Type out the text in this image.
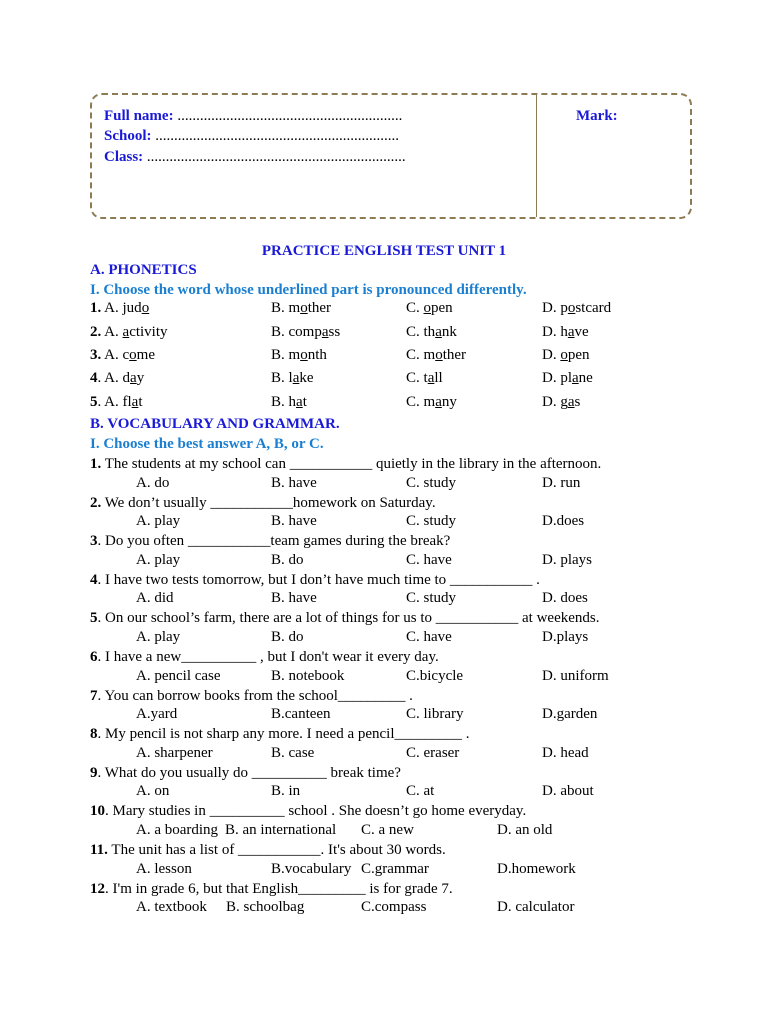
Full name: ............................................................
School: .................................................................
Class: .....................................................................
Mark:
PRACTICE ENGLISH TEST UNIT 1
A. PHONETICS
I. Choose the word whose underlined part is pronounced differently.
1. A. judo	B. mother	C. open	D. postcard
2. A. activity	B. compass	C. thank	D. have
3. A. come	B. month	C. mother	D. open
4. A. day	B. lake	C. tall	D. plane
5. A. flat	B. hat	C. many	D. gas
B. VOCABULARY AND GRAMMAR.
I. Choose the best answer A, B, or C.
1. The students at my school can ___________ quietly in the library in the afternoon.
A. do	B. have	C. study	D. run
2. We don’t usually ___________homework on Saturday.
A. play	B. have	C. study	D.does
3. Do you often ___________team games during the break?
A. play	B. do	C. have	D. plays
4. I have two tests tomorrow, but I don’t have much time to ___________ .
A. did	B. have	C. study	D. does
5. On our school’s farm, there are a lot of things for us to ___________ at weekends.
A. play	B. do	C. have	D.plays
6. I have a new__________ , but I don't wear it every day.
A. pencil case	B. notebook	C.bicycle	D. uniform
7. You can borrow books from the school_________ .
A.yard	B.canteen	C. library	D.garden
8. My pencil is not sharp any more. I need a pencil_________ .
A. sharpener	B. case	C. eraser	D. head
9. What do you usually do __________ break time?
A. on	B. in	C. at	D. about
10. Mary studies in __________ school . She doesn’t go home everyday.
A. a boarding B. an international C. a new	D. an old
11. The unit has a list of ___________. It's about 30 words.
A. lesson	B.vocabulary C.grammar	D.homework
12. I'm in grade 6, but that English_________ is for grade 7.
A. textbook B. schoolbag	C.compass	D. calculator
